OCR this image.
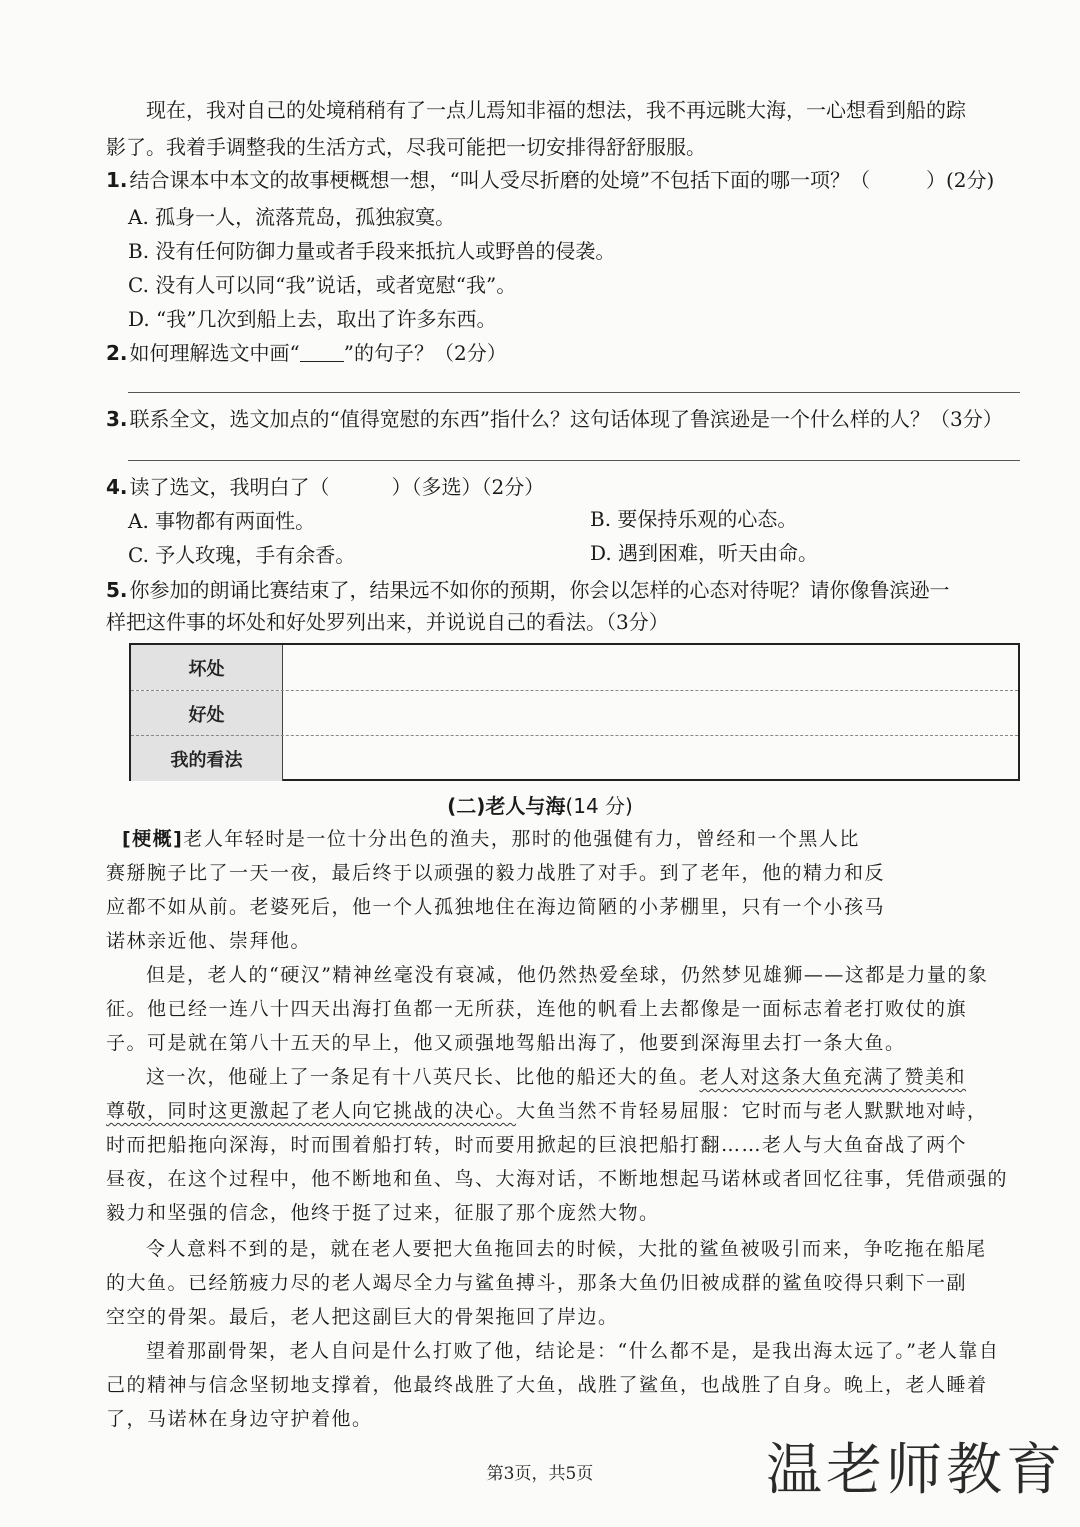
现在，我对自己的处境稍稍有了一点儿焉知非福的想法，我不再远眺大海，一心想看到船的踪
影了。我着手调整我的生活方式，尽我可能把一切安排得舒舒服服。
1. 结合课本中本文的故事梗概想一想，“叫人受尽折磨的处境”不包括下面的哪一项？（	）(2分)
A. 孤身一人，流落荒岛，孤独寂寞。
B. 没有任何防御力量或者手段来抵抗人或野兽的侵袭。
C. 没有人可以同“我”说话，或者宽慰“我”。
D. “我”几次到船上去，取出了许多东西。
2. 如何理解选文中画“ ”的句子？（2分）
3. 联系全文，选文加点的“值得宽慰的东西”指什么？这句话体现了鲁滨逊是一个什么样的人？（3分）
4. 读了选文，我明白了（	）（多选）（2分）
A. 事物都有两面性。	B. 要保持乐观的心态。
C. 予人玫瑰，手有余香。	D. 遇到困难，听天由命。
5. 你参加的朗诵比赛结束了，结果远不如你的预期，你会以怎样的心态对待呢？请你像鲁滨逊一
样把这件事的坏处和好处罗列出来，并说说自己的看法。（3分）
坏处
好处
我的看法
(二)老人与海(14 分)
[梗概]老人年轻时是一位十分出色的渔夫，那时的他强健有力，曾经和一个黑人比
赛掰腕子比了一天一夜，最后终于以顽强的毅力战胜了对手。到了老年，他的精力和反
应都不如从前。老婆死后，他一个人孤独地住在海边简陋的小茅棚里，只有一个小孩马
诺林亲近他、崇拜他。
但是，老人的“硬汉”精神丝毫没有衰减，他仍然热爱垒球，仍然梦见雄狮——这都是力量的象
征。他已经一连八十四天出海打鱼都一无所获，连他的帆看上去都像是一面标志着老打败仗的旗
子。可是就在第八十五天的早上，他又顽强地驾船出海了，他要到深海里去打一条大鱼。
这一次，他碰上了一条足有十八英尺长、比他的船还大的鱼。老人对这条大鱼充满了赞美和
尊敬，同时这更激起了老人向它挑战的决心。大鱼当然不肯轻易屈服：它时而与老人默默地对峙，
时而把船拖向深海，时而围着船打转，时而要用掀起的巨浪把船打翻……老人与大鱼奋战了两个
昼夜，在这个过程中，他不断地和鱼、鸟、大海对话，不断地想起马诺林或者回忆往事，凭借顽强的
毅力和坚强的信念，他终于挺了过来，征服了那个庞然大物。
令人意料不到的是，就在老人要把大鱼拖回去的时候，大批的鲨鱼被吸引而来，争吃拖在船尾
的大鱼。已经筋疲力尽的老人竭尽全力与鲨鱼搏斗，那条大鱼仍旧被成群的鲨鱼咬得只剩下一副
空空的骨架。最后，老人把这副巨大的骨架拖回了岸边。
望着那副骨架，老人自问是什么打败了他，结论是：“什么都不是，是我出海太远了。”老人靠自
己的精神与信念坚韧地支撑着，他最终战胜了大鱼，战胜了鲨鱼，也战胜了自身。晚上，老人睡着
了，马诺林在身边守护着他。
第3页，共5页	温老师教育
